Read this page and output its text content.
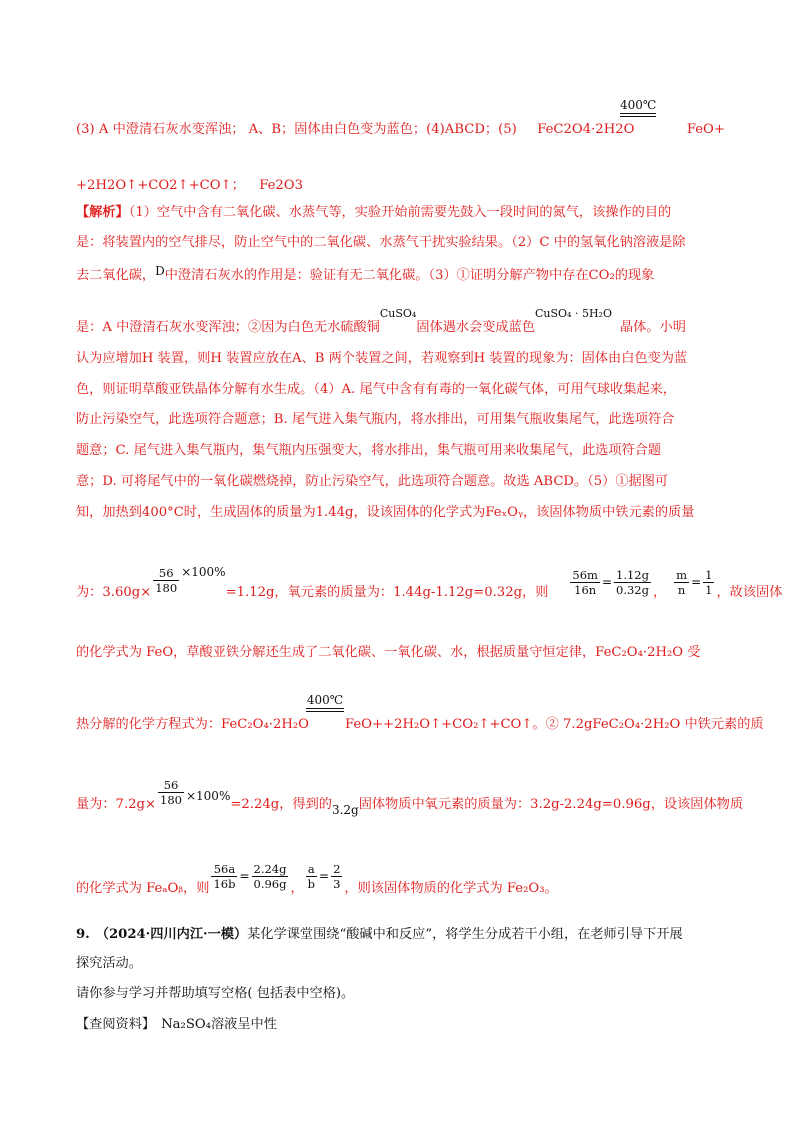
400℃
(3) A 中澄清石灰水变浑浊； A、B；固体由白色变为蓝色；(4)ABCD；(5) FeC2O4·2H2O	FeO+
+2H2O↑+CO2↑+CO↑； Fe2O3
【解析】（1）空气中含有二氧化碳、水蒸气等，实验开始前需要先鼓入一段时间的氮气，该操作的目的
是：将装置内的空气排尽，防止空气中的二氧化碳、水蒸气干扰实验结果。（2）C 中的氢氧化钠溶液是除
去二氧化碳，D中澄清石灰水的作用是：验证有无二氧化碳。（3）①证明分解产物中存在CO₂的现象
是：A 中澄清石灰水变浑浊；②因为白色无水硫酸铜$^{CuSO_4}$固体遇水会变成蓝色$^{CuSO_4 \cdot 5H_2O}$晶体。小明
认为应增加H 装置，则H 装置应放在A、B 两个装置之间，若观察到H 装置的现象为：固体由白色变为蓝
色，则证明草酸亚铁晶体分解有水生成。（4）A. 尾气中含有有毒的一氧化碳气体，可用气球收集起来，
防止污染空气，此选项符合题意；B. 尾气进入集气瓶内，将水排出，可用集气瓶收集尾气，此选项符合
题意；C. 尾气进入集气瓶内，集气瓶内压强变大，将水排出，集气瓶可用来收集尾气，此选项符合题
意；D. 可将尾气中的一氧化碳燃烧掉，防止污染空气，此选项符合题意。故选 ABCD。（5）①据图可
知，加热到400°C时，生成固体的质量为1.44g，设该固体的化学式为FeₓOᵧ，该固体物质中铁元素的质量
为：$3.60g\times \frac{56}{180} \times 100\%=1.12g$，氧元素的质量为：1.44g-1.12g=0.32g，则 $\frac{56m}{16n} = \frac{1.12g}{0.32g}$ ， $\frac{m}{n} = \frac{1}{1}$ ，故该固体
的化学式为 FeO，草酸亚铁分解还生成了二氧化碳、一氧化碳、水，根据质量守恒定律，FeC₂O₄·2H₂O 受
400℃
热分解的化学方程式为：FeC₂O₄·2H₂O	FeO++2H₂O↑+CO₂↑+CO↑。② 7.2gFeC₂O₄·2H₂O 中铁元素的质
量为：$7.2g\times \frac{56}{180} \times 100\%=2.24g$，得到的3.2g固体物质中氧元素的质量为：3.2g-2.24g=0.96g，设该固体物质
的化学式为 FeₐOᵦ，则 $\frac{56a}{16b} = \frac{2.24g}{0.96g}$ ， $\frac{a}{b} = \frac{2}{3}$ ，则该固体物质的化学式为 Fe₂O₃。
9. （2024·四川内江·一模）某化学课堂围绕“酸碱中和反应”，将学生分成若干小组，在老师引导下开展
探究活动。
请你参与学习并帮助填写空格( 包括表中空格)。
【查阅资料】 Na₂SO₄溶液呈中性
